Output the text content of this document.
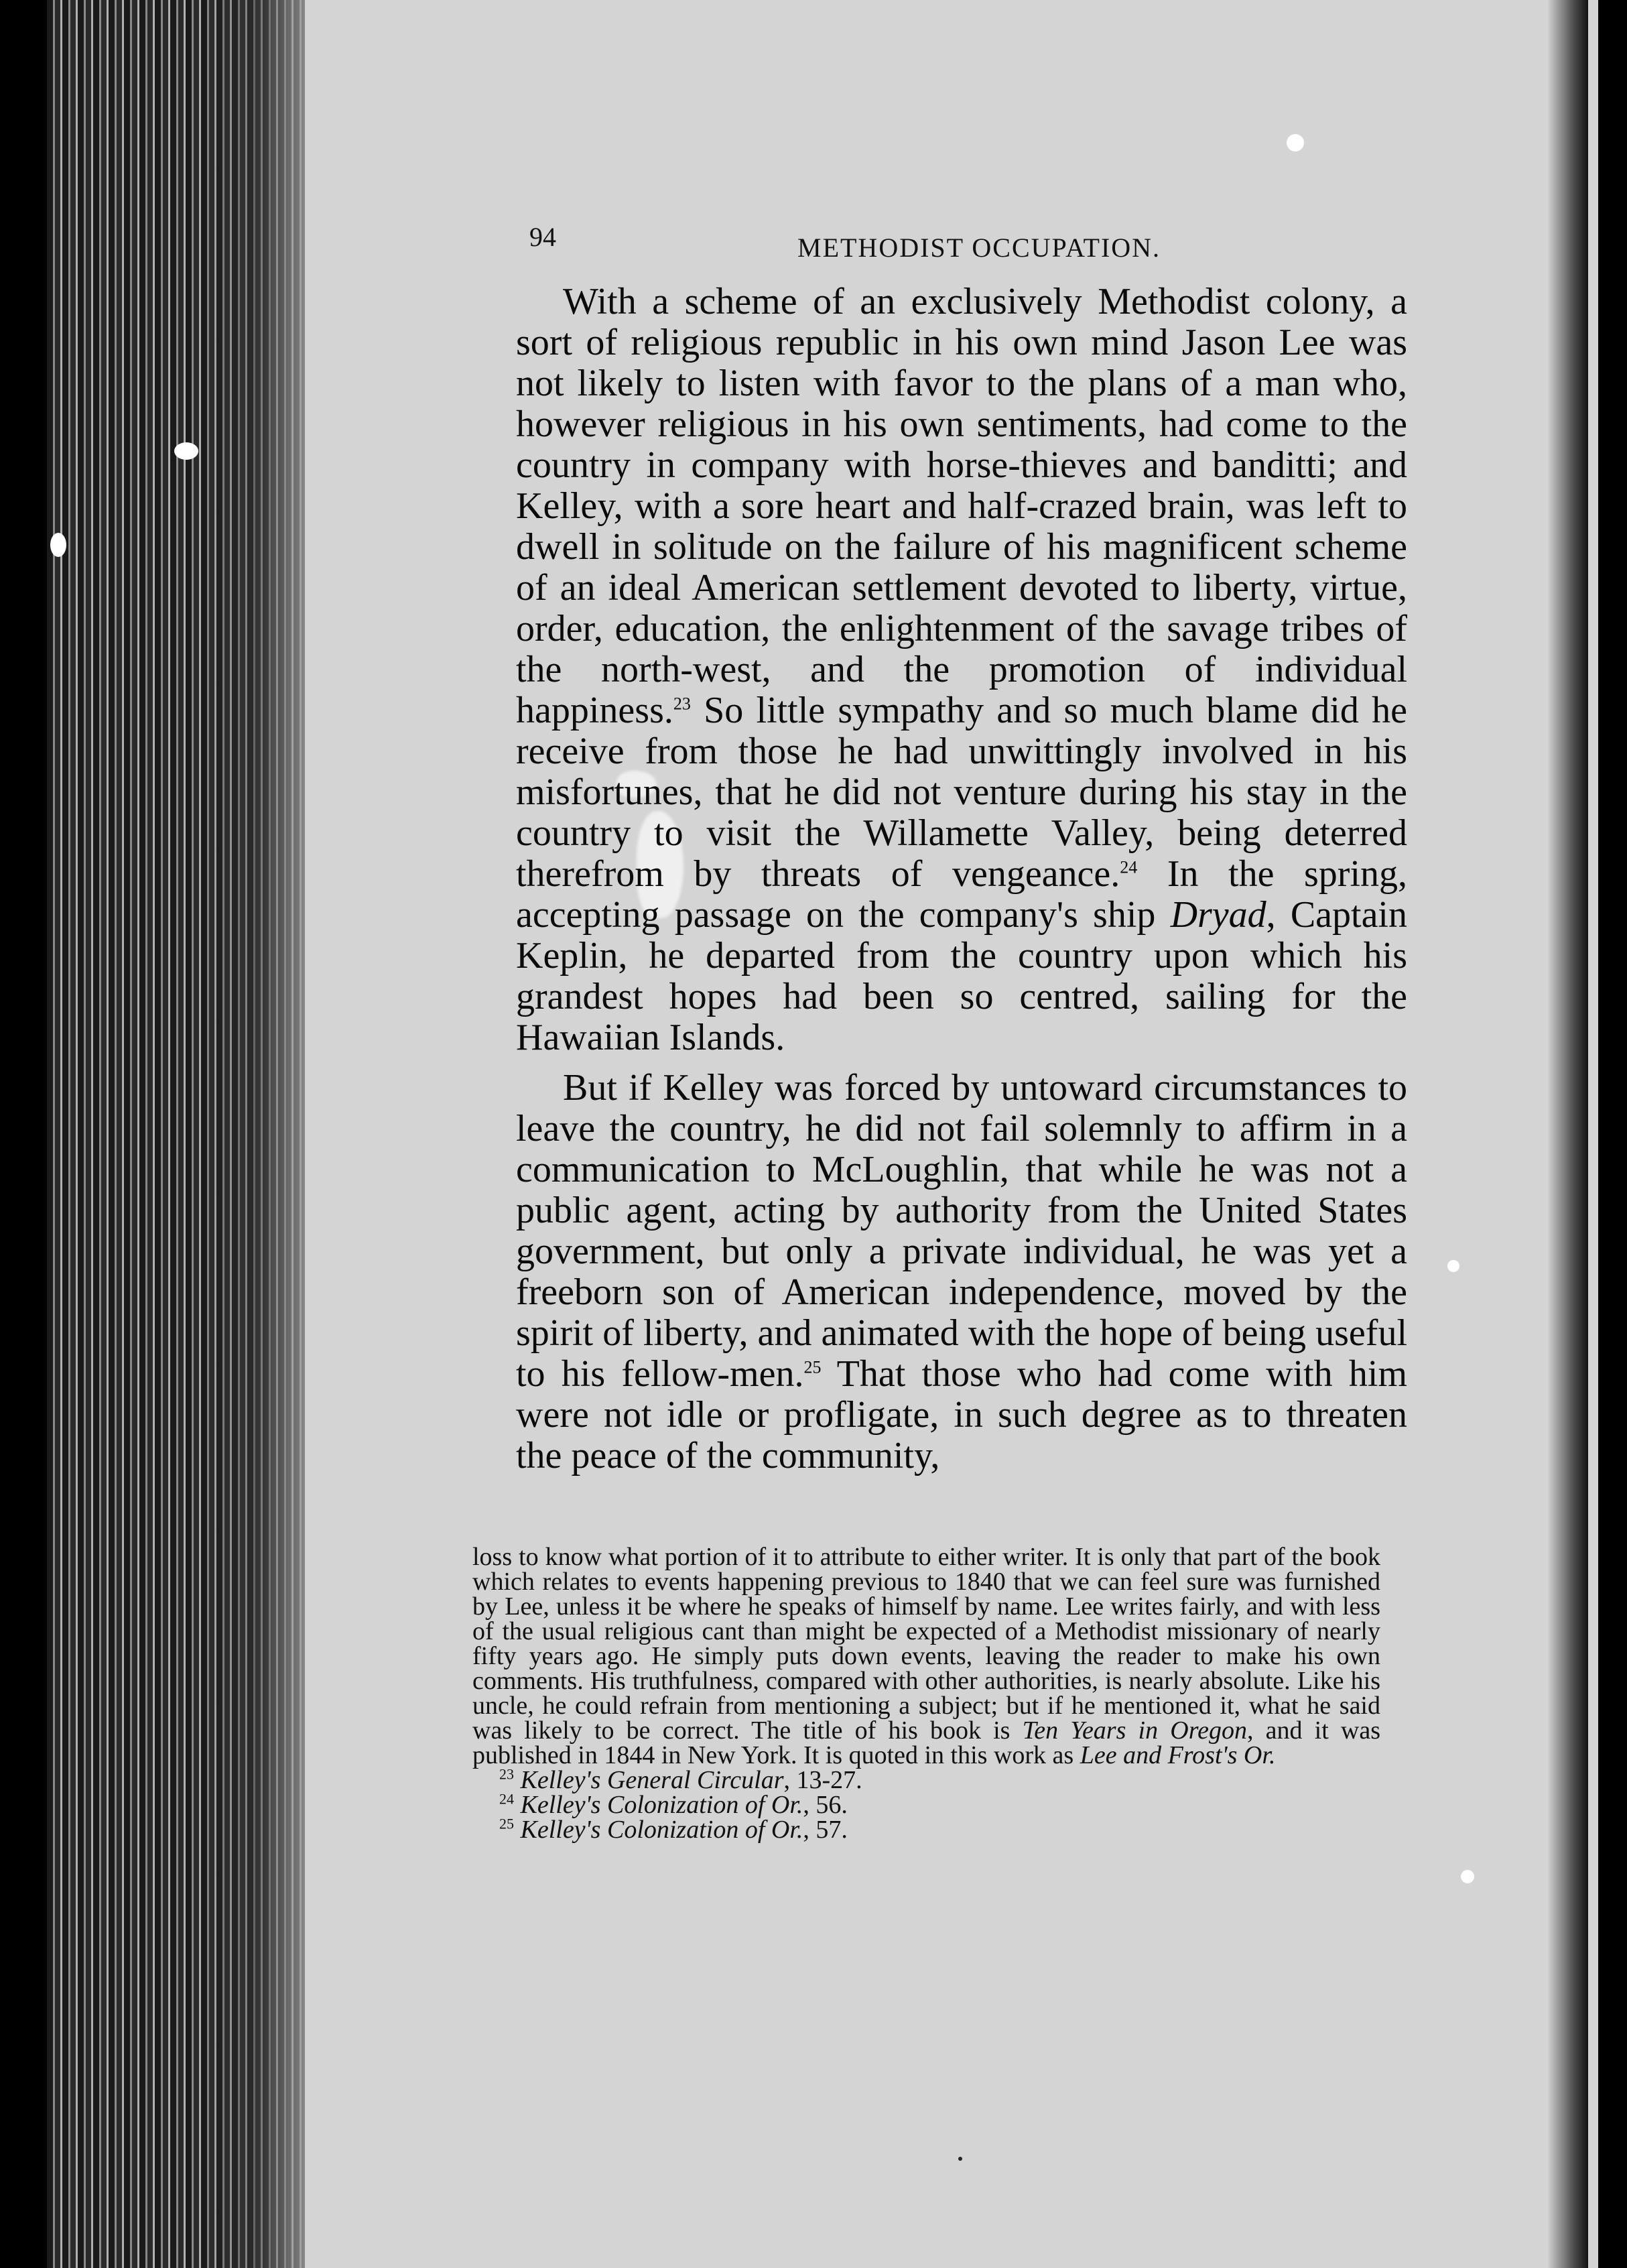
94	METHODIST OCCUPATION.

With a scheme of an exclusively Methodist colony, a sort of religious republic in his own mind Jason Lee was not likely to listen with favor to the plans of a man who, however religious in his own sentiments, had come to the country in company with horse-thieves and banditti; and Kelley, with a sore heart and half-crazed brain, was left to dwell in solitude on the failure of his magnificent scheme of an ideal American settlement devoted to liberty, virtue, order, education, the enlightenment of the savage tribes of the north-west, and the promotion of individual happiness.$^{23}$ So little sympathy and so much blame did he receive from those he had unwittingly involved in his misfortunes, that he did not venture during his stay in the country to visit the Willamette Valley, being deterred therefrom by threats of vengeance.$^{24}$ In the spring, accepting passage on the company's ship Dryad, Captain Keplin, he departed from the country upon which his grandest hopes had been so centred, sailing for the Hawaiian Islands.

But if Kelley was forced by untoward circumstances to leave the country, he did not fail solemnly to affirm in a communication to McLoughlin, that while he was not a public agent, acting by authority from the United States government, but only a private individual, he was yet a freeborn son of American independence, moved by the spirit of liberty, and animated with the hope of being useful to his fellow-men.$^{25}$ That those who had come with him were not idle or profligate, in such degree as to threaten the peace of the community,

loss to know what portion of it to attribute to either writer. It is only that part of the book which relates to events happening previous to 1840 that we can feel sure was furnished by Lee, unless it be where he speaks of himself by name. Lee writes fairly, and with less of the usual religious cant than might be expected of a Methodist missionary of nearly fifty years ago. He simply puts down events, leaving the reader to make his own comments. His truthfulness, compared with other authorities, is nearly absolute. Like his uncle, he could refrain from mentioning a subject; but if he mentioned it, what he said was likely to be correct. The title of his book is Ten Years in Oregon, and it was published in 1844 in New York. It is quoted in this work as Lee and Frost's Or.

$^{23}$ Kelley's General Circular, 13-27.
$^{24}$ Kelley's Colonization of Or., 56.
$^{25}$ Kelley's Colonization of Or., 57.
